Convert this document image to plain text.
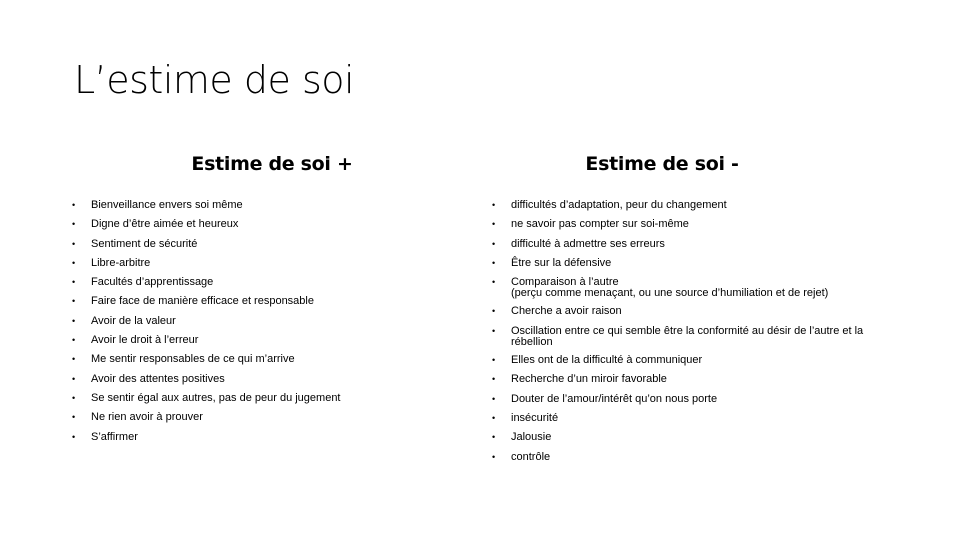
L’estime de soi
Estime de soi +
• Bienveillance envers soi même
• Digne d’être aimée et heureux
• Sentiment de sécurité
• Libre-arbitre
• Facultés d’apprentissage
• Faire face de manière efficace et responsable
• Avoir de la valeur
• Avoir le droit à l’erreur
• Me sentir responsables de ce qui m’arrive
• Avoir des attentes positives
• Se sentir égal aux autres, pas de peur du jugement
• Ne rien avoir à prouver
• S’affirmer
Estime de soi -
• difficultés d’adaptation, peur du changement
• ne savoir pas compter sur soi-même
• difficulté à admettre ses erreurs
• Être sur la défensive
• Comparaison à l’autre
(perçu comme menaçant, ou une source d’humiliation et de rejet)
• Cherche a avoir raison
• Oscillation entre ce qui semble être la conformité au désir de l’autre et la
rébellion
• Elles ont de la difficulté à communiquer
• Recherche d’un miroir favorable
• Douter de l’amour/intérêt qu’on nous porte
• insécurité
• Jalousie
• contrôle
